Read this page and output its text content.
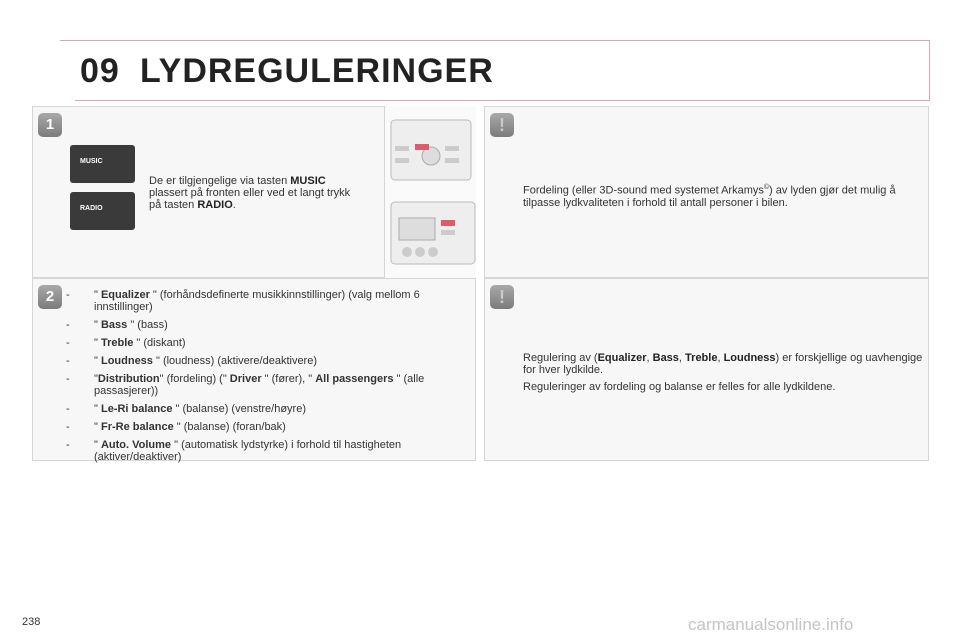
09 LYDREGULERINGER
1
MUSIC
RADIO
De er tilgjengelige via tasten MUSIC plassert på fronten eller ved et langt trykk på tasten RADIO.
2	- " Equalizer " (forhåndsdefinerte musikkinnstillinger) (valg mellom 6 innstillinger)
- " Bass " (bass)
- " Treble " (diskant)
- " Loudness " (loudness) (aktivere/deaktivere)
- "Distribution" (fordeling) (" Driver " (fører), " All passengers " (alle passasjerer))
- " Le-Ri balance " (balanse) (venstre/høyre)
- " Fr-Re balance " (balanse) (foran/bak)
- " Auto. Volume " (automatisk lydstyrke) i forhold til hastigheten (aktiver/deaktiver)
!
Fordeling (eller 3D-sound med systemet Arkamys©) av lyden gjør det mulig å tilpasse lydkvaliteten i forhold til antall personer i bilen.
!
Regulering av (Equalizer, Bass, Treble, Loudness) er forskjellige og uavhengige for hver lydkilde.
Reguleringer av fordeling og balanse er felles for alle lydkildene.
238	carmanualsonline.info
